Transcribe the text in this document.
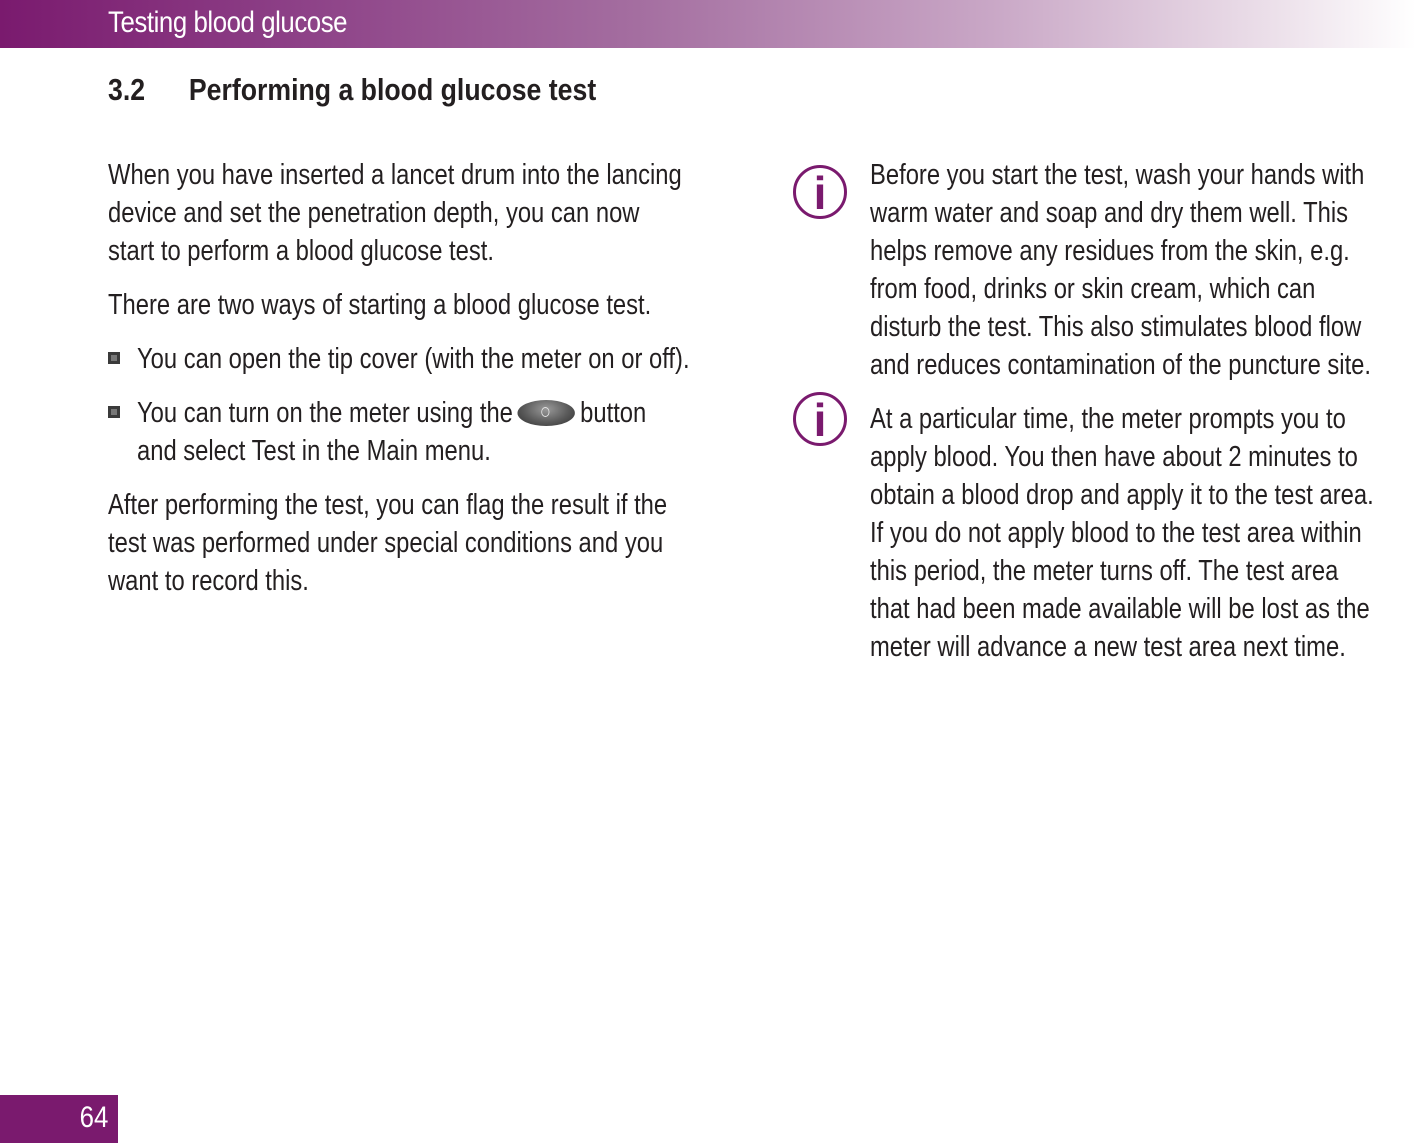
Testing blood glucose
3.2 Performing a blood glucose test

When you have inserted a lancet drum into the lancing

device and set the penetration depth, you can now

start to perform a blood glucose test.

There are two ways of starting a blood glucose test.

You can open the tip cover (with the meter on or off).

You can turn on the meter using the button

and select Test in the Main menu.

After performing the test, you can flag the result if the

test was performed under special conditions and you

want to record this.

i
i

Before you start the test, wash your hands with

warm water and soap and dry them well. This

helps remove any residues from the skin, e.g.

from food, drinks or skin cream, which can

disturb the test. This also stimulates blood flow

and reduces contamination of the puncture site.

At a particular time, the meter prompts you to

apply blood. You then have about 2 minutes to

obtain a blood drop and apply it to the test area.

If you do not apply blood to the test area within

this period, the meter turns off. The test area

that had been made available will be lost as the

meter will advance a new test area next time.

64
